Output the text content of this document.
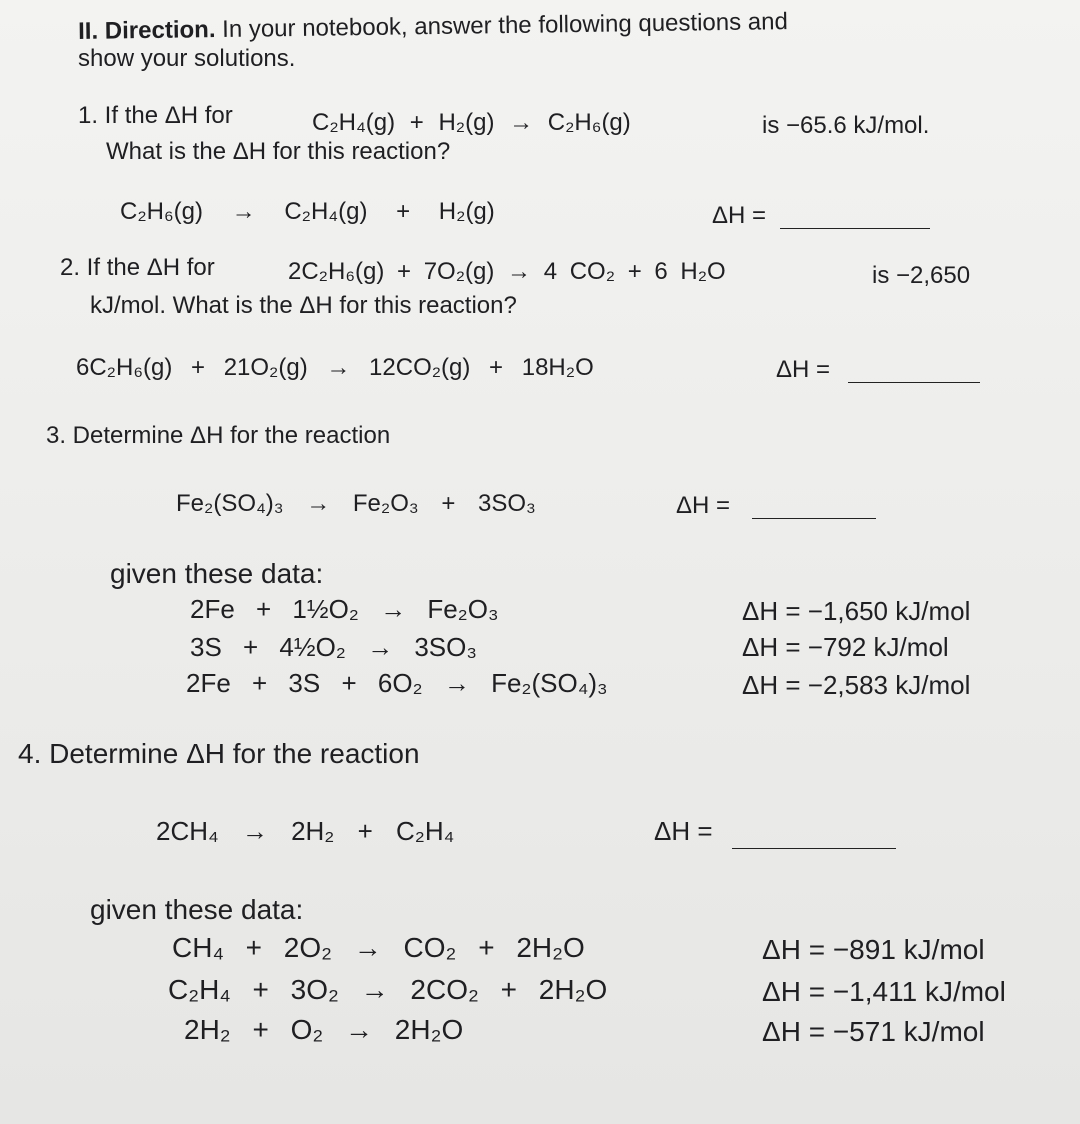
II. Direction. In your notebook, answer the following questions and
show your solutions.
1. If the ΔH for	C₂H₄(g) + H₂(g) → C₂H₆(g)	is −65.6 kJ/mol.
What is the ΔH for this reaction?
C₂H₆(g) → C₂H₄(g) + H₂(g)	ΔH =
2. If the ΔH for	2C₂H₆(g) + 7O₂(g) → 4 CO₂ + 6 H₂O	is −2,650
kJ/mol. What is the ΔH for this reaction?
6C₂H₆(g) + 21O₂(g) → 12CO₂(g) + 18H₂O	ΔH =
3. Determine ΔH for the reaction
Fe₂(SO₄)₃ → Fe₂O₃ + 3SO₃	ΔH =
given these data:
2Fe + 1½O₂ → Fe₂O₃	ΔH = −1,650 kJ/mol
3S + 4½O₂ → 3SO₃	ΔH = −792 kJ/mol
2Fe + 3S + 6O₂ → Fe₂(SO₄)₃	ΔH = −2,583 kJ/mol
4. Determine ΔH for the reaction
2CH₄ → 2H₂ + C₂H₄	ΔH =
given these data:
CH₄ + 2O₂ → CO₂ + 2H₂O	ΔH = −891 kJ/mol
C₂H₄ + 3O₂ → 2CO₂ + 2H₂O	ΔH = −1,411 kJ/mol
2H₂ + O₂ → 2H₂O	ΔH = −571 kJ/mol
